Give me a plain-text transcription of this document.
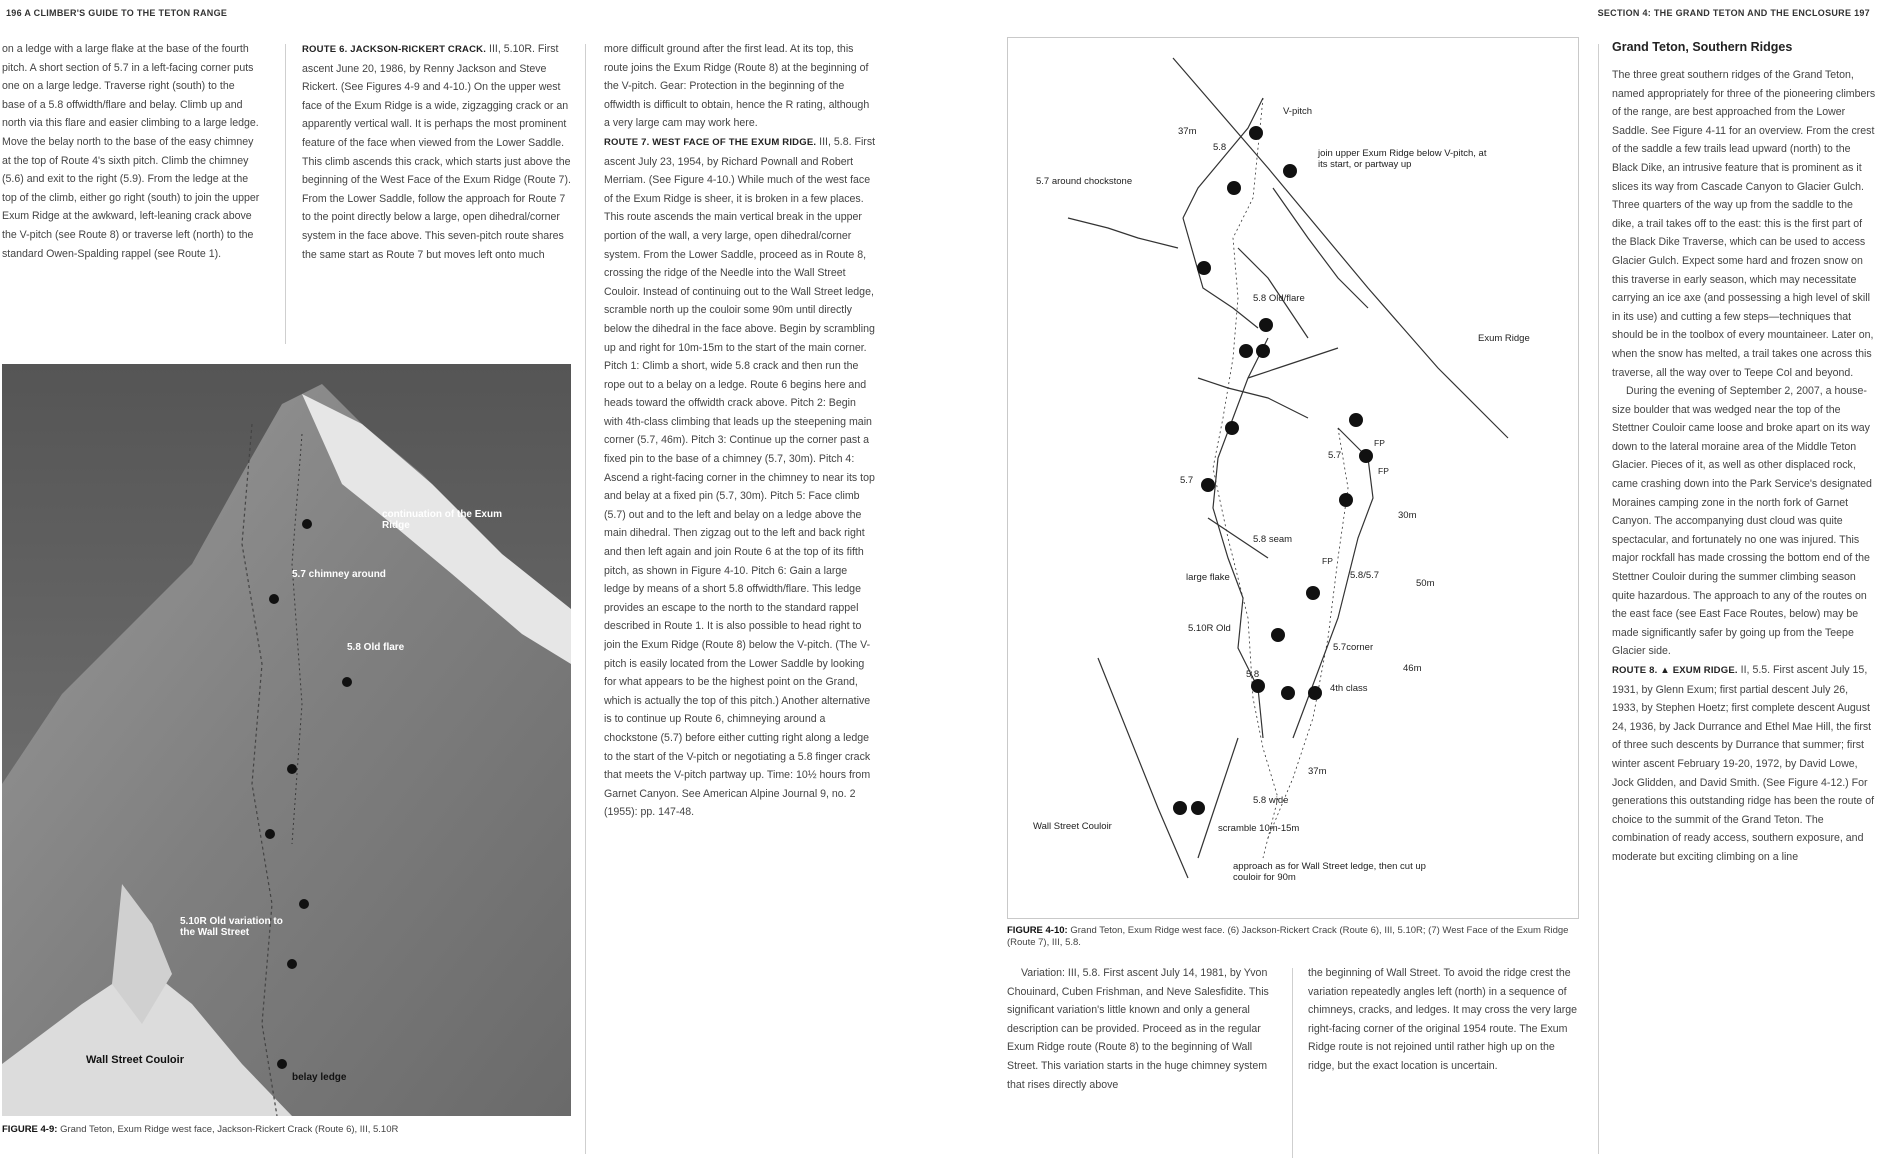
196 A CLIMBER'S GUIDE TO THE TETON RANGE	SECTION 4: THE GRAND TETON AND THE ENCLOSURE 197

on a ledge with a large flake at the base of the fourth pitch. A short section of 5.7 in a left-facing corner puts one on a large ledge. Traverse right (south) to the base of a 5.8 offwidth/flare and belay. Climb up and north via this flare and easier climbing to a large ledge. Move the belay north to the base of the easy chimney at the top of Route 4's sixth pitch. Climb the chimney (5.6) and exit to the right (5.9). From the ledge at the top of the climb, either go right (south) to join the upper Exum Ridge at the awkward, left-leaning crack above the V-pitch (see Route 8) or traverse left (north) to the standard Owen-Spalding rappel (see Route 1).

ROUTE 6. JACKSON-RICKERT CRACK. III, 5.10R. First ascent June 20, 1986, by Renny Jackson and Steve Rickert. (See Figures 4-9 and 4-10.) On the upper west face of the Exum Ridge is a wide, zigzagging crack or an apparently vertical wall. It is perhaps the most prominent feature of the face when viewed from the Lower Saddle. This climb ascends this crack, which starts just above the beginning of the West Face of the Exum Ridge (Route 7). From the Lower Saddle, follow the approach for Route 7 to the point directly below a large, open dihedral/corner system in the face above. This seven-pitch route shares the same start as Route 7 but moves left onto much

continuation of the Exum Ridge
5.7 chimney around
5.8 Old flare
5.10R Old variation to the Wall Street
Wall Street Couloir
belay ledge
FIGURE 4-9: Grand Teton, Exum Ridge west face, Jackson-Rickert Crack (Route 6), III, 5.10R

more difficult ground after the first lead. At its top, this route joins the Exum Ridge (Route 8) at the beginning of the V-pitch. Gear: Protection in the beginning of the offwidth is difficult to obtain, hence the R rating, although a very large cam may work here.

ROUTE 7. WEST FACE OF THE EXUM RIDGE. III, 5.8. First ascent July 23, 1954, by Richard Pownall and Robert Merriam. (See Figure 4-10.) While much of the west face of the Exum Ridge is sheer, it is broken in a few places. This route ascends the main vertical break in the upper portion of the wall, a very large, open dihedral/corner system. From the Lower Saddle, proceed as in Route 8, crossing the ridge of the Needle into the Wall Street Couloir. Instead of continuing out to the Wall Street ledge, scramble north up the couloir some 90m until directly below the dihedral in the face above. Begin by scrambling up and right for 10m-15m to the start of the main corner. Pitch 1: Climb a short, wide 5.8 crack and then run the rope out to a belay on a ledge. Route 6 begins here and heads toward the offwidth crack above. Pitch 2: Begin with 4th-class climbing that leads up the steepening main corner (5.7, 46m). Pitch 3: Continue up the corner past a fixed pin to the base of a chimney (5.7, 30m). Pitch 4: Ascend a right-facing corner in the chimney to near its top and belay at a fixed pin (5.7, 30m). Pitch 5: Face climb (5.7) out and to the left and belay on a ledge above the main dihedral. Then zigzag out to the left and back right and then left again and join Route 6 at the top of its fifth pitch, as shown in Figure 4-10. Pitch 6: Gain a large ledge by means of a short 5.8 offwidth/flare. This ledge provides an escape to the north to the standard rappel described in Route 1. It is also possible to head right to join the Exum Ridge (Route 8) below the V-pitch. (The V-pitch is easily located from the Lower Saddle by looking for what appears to be the highest point on the Grand, which is actually the top of this pitch.) Another alternative is to continue up Route 6, chimneying around a chockstone (5.7) before either cutting right along a ledge to the start of the V-pitch or negotiating a 5.8 finger crack that meets the V-pitch partway up. Time: 10½ hours from Garnet Canyon. See American Alpine Journal 9, no. 2 (1955): pp. 147-48.

V-pitch
37m
5.8
join upper Exum Ridge below V-pitch, at its start, or partway up
5.7 around chockstone
5.8 Old/flare
Exum Ridge
5.7
5.7
FP
FP
30m
5.8 seam
FP
5.8/5.7
large flake
50m
5.10R Old
5.7corner
46m
5.8
4th class
37m
5.8 wide
scramble 10m-15m
Wall Street Couloir
approach as for Wall Street ledge, then cut up couloir for 90m
FIGURE 4-10: Grand Teton, Exum Ridge west face. (6) Jackson-Rickert Crack (Route 6), III, 5.10R; (7) West Face of the Exum Ridge (Route 7), III, 5.8.

Variation: III, 5.8. First ascent July 14, 1981, by Yvon Chouinard, Cuben Frishman, and Neve Salesfidite. This significant variation's little known and only a general description can be provided. Proceed as in the regular Exum Ridge route (Route 8) to the beginning of Wall Street. This variation starts in the huge chimney system that rises directly above

the beginning of Wall Street. To avoid the ridge crest the variation repeatedly angles left (north) in a sequence of chimneys, cracks, and ledges. It may cross the very large right-facing corner of the original 1954 route. The Exum Ridge route is not rejoined until rather high up on the ridge, but the exact location is uncertain.

Grand Teton, Southern Ridges

The three great southern ridges of the Grand Teton, named appropriately for three of the pioneering climbers of the range, are best approached from the Lower Saddle. See Figure 4-11 for an overview. From the crest of the saddle a few trails lead upward (north) to the Black Dike, an intrusive feature that is prominent as it slices its way from Cascade Canyon to Glacier Gulch. Three quarters of the way up from the saddle to the dike, a trail takes off to the east: this is the first part of the Black Dike Traverse, which can be used to access Glacier Gulch. Expect some hard and frozen snow on this traverse in early season, which may necessitate carrying an ice axe (and possessing a high level of skill in its use) and cutting a few steps—techniques that should be in the toolbox of every mountaineer. Later on, when the snow has melted, a trail takes one across this traverse, all the way over to Teepe Col and beyond.

During the evening of September 2, 2007, a house-size boulder that was wedged near the top of the Stettner Couloir came loose and broke apart on its way down to the lateral moraine area of the Middle Teton Glacier. Pieces of it, as well as other displaced rock, came crashing down into the Park Service's designated Moraines camping zone in the north fork of Garnet Canyon. The accompanying dust cloud was quite spectacular, and fortunately no one was injured. This major rockfall has made crossing the bottom end of the Stettner Couloir during the summer climbing season quite hazardous. The approach to any of the routes on the east face (see East Face Routes, below) may be made significantly safer by going up from the Teepe Glacier side.

ROUTE 8. ▲ EXUM RIDGE. II, 5.5. First ascent July 15, 1931, by Glenn Exum; first partial descent July 26, 1933, by Stephen Hoetz; first complete descent August 24, 1936, by Jack Durrance and Ethel Mae Hill, the first of three such descents by Durrance that summer; first winter ascent February 19-20, 1972, by David Lowe, Jock Glidden, and David Smith. (See Figure 4-12.) For generations this outstanding ridge has been the route of choice to the summit of the Grand Teton. The combination of ready access, southern exposure, and moderate but exciting climbing on a line
